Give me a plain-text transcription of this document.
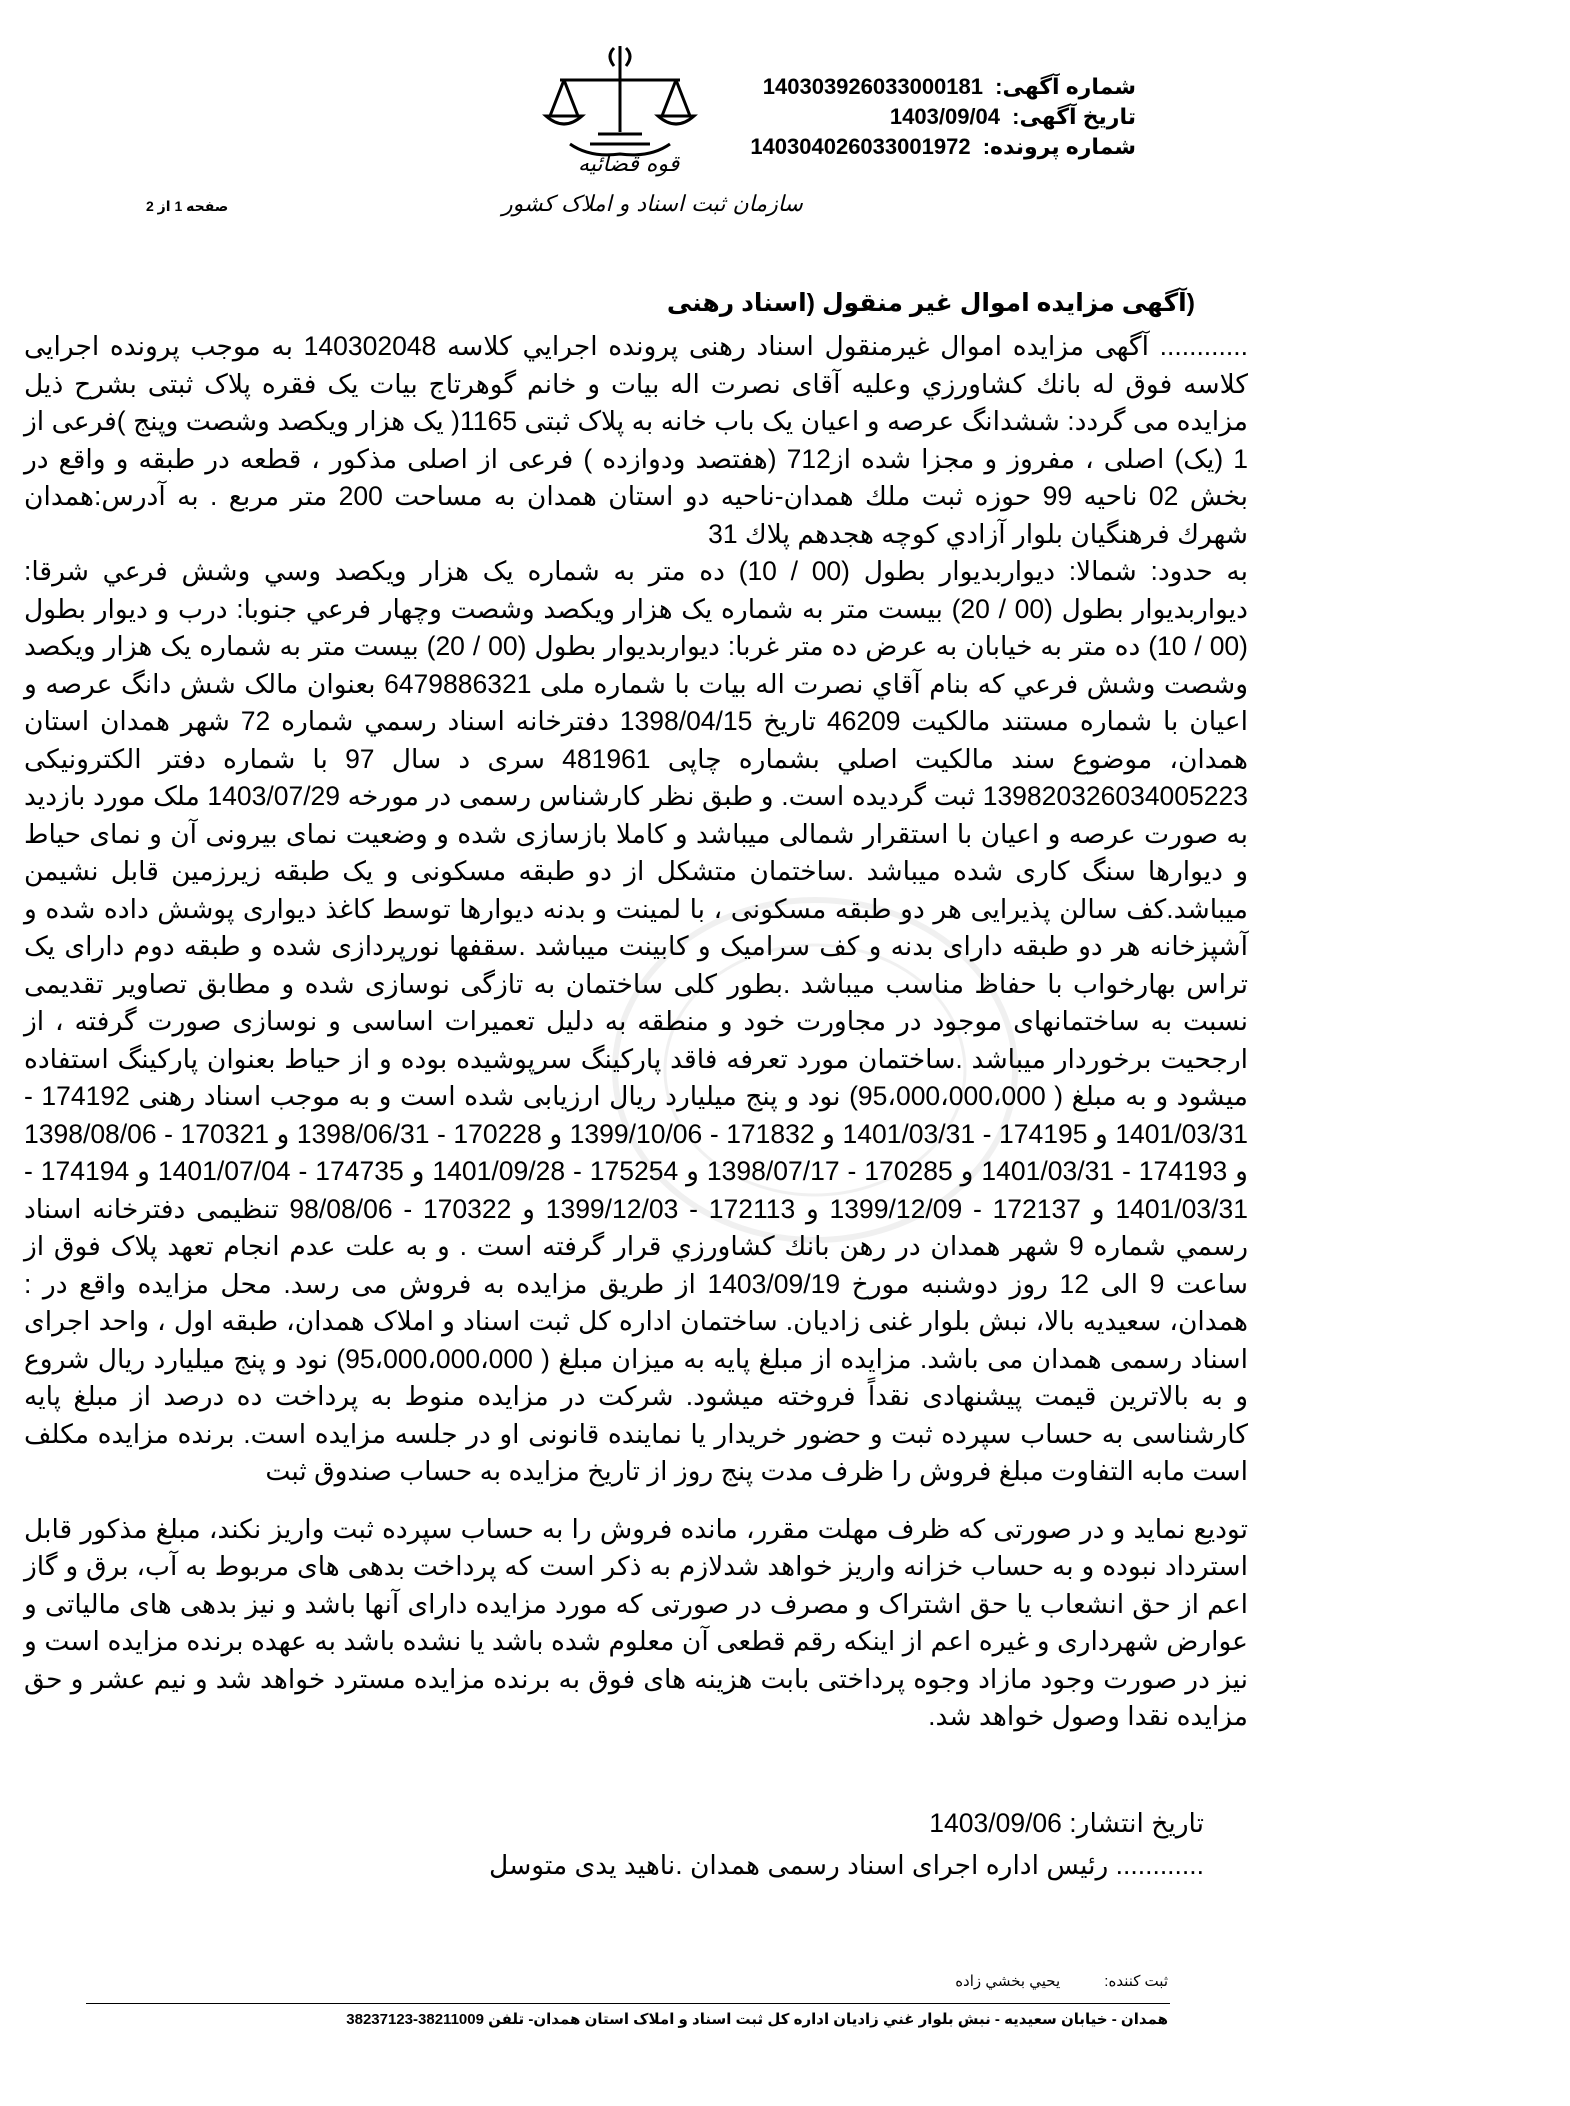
قوه قضائیه
سازمان ثبت اسناد و املاک کشور
شماره آگهی: 140303926033000181
تاریخ آگهی: 1403/09/04
شماره پرونده: 140304026033001972
صفحه 1 از 2
(آگهی مزایده اموال غیر منقول (اسناد رهنی

............ آگهی مزایده اموال غیرمنقول اسناد رهنی پرونده اجرايي كلاسه 140302048 به موجب پرونده اجرایی کلاسه فوق له بانك كشاورزي وعلیه آقای نصرت اله بیات و خانم گوهرتاج بیات یک فقره پلاک ثبتی بشرح ذیل مزایده می گردد: ششدانگ عرصه و اعیان یک باب خانه به پلاک ثبتی 1165( یک هزار ویکصد وشصت وپنج )فرعی از 1 (یک) اصلی ، مفروز و مجزا شده از712 (هفتصد ودوازده ) فرعی از اصلی مذکور ، قطعه در طبقه و واقع در بخش 02 ناحیه 99 حوزه ثبت ملك همدان-ناحیه دو استان همدان به مساحت 200 متر مربع . به آدرس:همدان شهرك فرهنگیان بلوار آزادي كوچه هجدهم پلاك 31

به حدود: شمالا: دیواربدیوار بطول (00 / 10) ده متر به شماره یک هزار ویکصد وسي وشش فرعي شرقا: دیواربدیوار بطول (00 / 20) بیست متر به شماره یک هزار ویکصد وشصت وچهار فرعي جنوبا: درب و دیوار بطول (00 / 10) ده متر به خیابان به عرض ده متر غربا: دیواربدیوار بطول (00 / 20) بیست متر به شماره یک هزار ویکصد وشصت وشش فرعي كه بنام آقاي نصرت اله بیات با شماره ملی 6479886321 بعنوان مالک شش دانگ عرصه و اعیان با شماره مستند مالکیت 46209 تاریخ 1398/04/15 دفترخانه اسناد رسمي شماره 72 شهر همدان استان همدان، موضوع سند مالکیت اصلي بشماره چاپی 481961 سری د سال 97 با شماره دفتر الکترونیکی 139820326034005223 ثبت گردیده است. و طبق نظر کارشناس رسمی در مورخه 1403/07/29 ملک مورد بازدید به صورت عرصه و اعیان با استقرار شمالی میباشد و کاملا بازسازی شده و وضعیت نمای بیرونی آن و نمای حیاط و دیوارها سنگ کاری شده میباشد .ساختمان متشکل از دو طبقه مسکونی و یک طبقه زیرزمین قابل نشیمن میباشد.کف سالن پذیرایی هر دو طبقه مسکونی ، با لمینت و بدنه دیوارها توسط کاغذ دیواری پوشش داده شده و آشپزخانه هر دو طبقه دارای بدنه و کف سرامیک و کابینت میباشد .سقفها نورپردازی شده و طبقه دوم دارای یک تراس بهارخواب با حفاظ مناسب میباشد .بطور کلی ساختمان به تازگی نوسازی شده و مطابق تصاویر تقدیمی نسبت به ساختمانهای موجود در مجاورت خود و منطقه به دلیل تعمیرات اساسی و نوسازی صورت گرفته ، از ارجحیت برخوردار میباشد .ساختمان مورد تعرفه فاقد پارکینگ سرپوشیده بوده و از حیاط بعنوان پارکینگ استفاده میشود و به مبلغ ( 95،000،000،000) نود و پنج میلیارد ریال ارزیابی شده است و به موجب اسناد رهنی 174192 - 1401/03/31 و 174195 - 1401/03/31 و 171832 - 1399/10/06 و 170228 - 1398/06/31 و 170321 - 1398/08/06 و 174193 - 1401/03/31 و 170285 - 1398/07/17 و 175254 - 1401/09/28 و 174735 - 1401/07/04 و 174194 - 1401/03/31 و 172137 - 1399/12/09 و 172113 - 1399/12/03 و 170322 - 98/08/06 تنظیمی دفترخانه اسناد رسمي شماره 9 شهر همدان در رهن بانك كشاورزي قرار گرفته است . و به علت عدم انجام تعهد پلاک فوق از ساعت 9 الی 12 روز دوشنبه مورخ 1403/09/19 از طریق مزایده به فروش می رسد. محل مزایده واقع در : همدان، سعیدیه بالا، نبش بلوار غنی زادیان. ساختمان اداره کل ثبت اسناد و املاک همدان، طبقه اول ، واحد اجرای اسناد رسمی همدان می باشد. مزایده از مبلغ پایه به میزان مبلغ ( 95،000،000،000) نود و پنج میلیارد ریال شروع و به بالاترین قیمت پیشنهادی نقداً فروخته میشود. شرکت در مزایده منوط به پرداخت ده درصد از مبلغ پایه کارشناسی به حساب سپرده ثبت و حضور خریدار یا نماینده قانونی او در جلسه مزایده است. برنده مزایده مکلف است مابه التفاوت مبلغ فروش را ظرف مدت پنج روز از تاریخ مزایده به حساب صندوق ثبت

تودیع نماید و در صورتی که ظرف مهلت مقرر، مانده فروش را به حساب سپرده ثبت واریز نکند، مبلغ مذکور قابل استرداد نبوده و به حساب خزانه واریز خواهد شدلازم به ذکر است که پرداخت بدهی های مربوط به آب، برق و گاز اعم از حق انشعاب یا حق اشتراک و مصرف در صورتی که مورد مزایده دارای آنها باشد و نیز بدهی های مالیاتی و عوارض شهرداری و غیره اعم از اینکه رقم قطعی آن معلوم شده باشد یا نشده باشد به عهده برنده مزایده است و نیز در صورت وجود مازاد وجوه پرداختی بابت هزینه های فوق به برنده مزایده مسترد خواهد شد و نیم عشر و حق مزایده نقدا وصول خواهد شد.

تاریخ انتشار: 1403/09/06
............ رئیس اداره اجرای اسناد رسمی همدان .ناهید یدی متوسل
ثبت کننده: يحيي بخشي زاده
همدان - خیابان سعیدیه - نبش بلوار غني زادیان اداره کل ثبت اسناد و املاک استان همدان- تلفن 38211009-38237123
